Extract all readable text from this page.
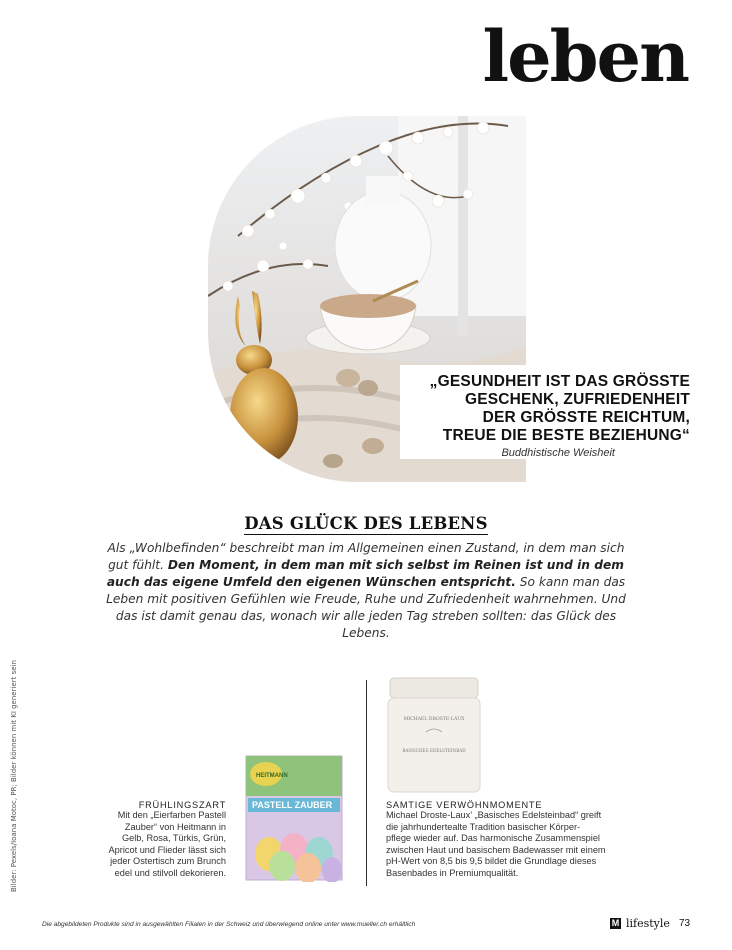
leben
„GESUNDHEIT IST DAS GRÖSSTE
GESCHENK, ZUFRIEDENHEIT
DER GRÖSSTE REICHTUM,
TREUE DIE BESTE BEZIEHUNG“
Buddhistische Weisheit
DAS GLÜCK DES LEBENS
Als „Wohlbefinden“ beschreibt man im Allgemeinen einen Zustand, in dem man sich gut fühlt. Den Moment, in dem man mit sich selbst im Reinen ist und in dem auch das eigene Umfeld den eigenen Wünschen entspricht. So kann man das Leben mit positiven Gefühlen wie Freude, Ruhe und Zufriedenheit wahrnehmen. Und das ist damit genau das, wonach wir alle jeden Tag streben sollten: das Glück des Lebens.
Bilder: Pexels/Ioana Motoc, PR; Bilder können mit KI generiert sein	HEITMANN
PASTELL ZAUBER
MICHAEL DROSTE-LAUX
BASISCHES EDELSTEINBAD
FRÜHLINGSZART
Mit den „Eierfarben Pastell
Zauber“ von Heitmann in
Gelb, Rosa, Türkis, Grün,
Apricot und Flieder lässt sich
jeder Ostertisch zum Brunch
edel und stilvoll dekorieren.
SAMTIGE VERWÖHNMOMENTE
Michael Droste-Laux’ „Basisches Edelsteinbad“ greift
die jahrhundertealte Tradition basischer Körper-
pflege wieder auf. Das harmonische Zusammenspiel
zwischen Haut und basischem Badewasser mit einem
pH-Wert von 8,5 bis 9,5 bildet die Grundlage dieses
Basenbades in Premiumqualität.
Die abgebildeten Produkte sind in ausgewählten Filialen in der Schweiz und überwiegend online unter www.mueller.ch erhältlich	M lifestyle 73
